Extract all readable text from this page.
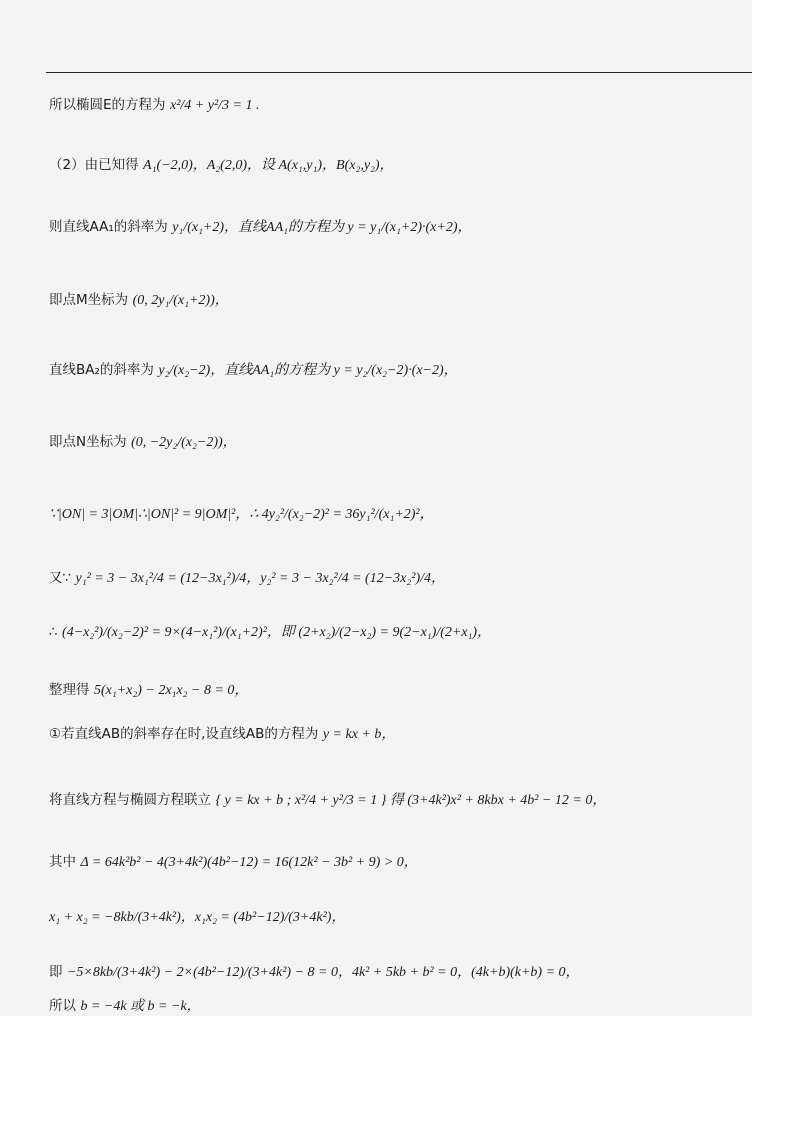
所以椭圆E的方程为 x²/4 + y²/3 = 1 .
（2）由已知得 A₁(−2,0)，A₂(2,0)，设 A(x₁,y₁)，B(x₂,y₂)，
则直线AA₁的斜率为 y₁/(x₁+2)，直线AA₁的方程为 y = y₁/(x₁+2)·(x+2)，
即点M坐标为 (0, 2y₁/(x₁+2))，
直线BA₂的斜率为 y₂/(x₂−2)，直线AA₁的方程为 y = y₂/(x₂−2)·(x−2)，
即点N坐标为 (0, −2y₂/(x₂−2))，
∵|ON| = 3|OM|∴|ON|² = 9|OM|²，∴ 4y₂²/(x₂−2)² = 36y₁²/(x₁+2)²，
又∵ y₁² = 3 − 3x₁²/4 = (12−3x₁²)/4，y₂² = 3 − 3x₂²/4 = (12−3x₂²)/4，
∴ (4−x₂²)/(x₂−2)² = 9×(4−x₁²)/(x₁+2)²，即 (2+x₂)/(2−x₂) = 9(2−x₁)/(2+x₁)，
整理得 5(x₁+x₂) − 2x₁x₂ − 8 = 0，
①若直线AB的斜率存在时,设直线AB的方程为 y = kx + b，
将直线方程与椭圆方程联立 { y = kx + b ; x²/4 + y²/3 = 1 } 得 (3+4k²)x² + 8kbx + 4b² − 12 = 0，
其中 Δ = 64k²b² − 4(3+4k²)(4b²−12) = 16(12k² − 3b² + 9) > 0，
x₁ + x₂ = −8kb/(3+4k²)，x₁x₂ = (4b²−12)/(3+4k²)，
即 −5×8kb/(3+4k²) − 2×(4b²−12)/(3+4k²) − 8 = 0，4k² + 5kb + b² = 0，(4k+b)(k+b) = 0，
所以 b = −4k 或 b = −k，
